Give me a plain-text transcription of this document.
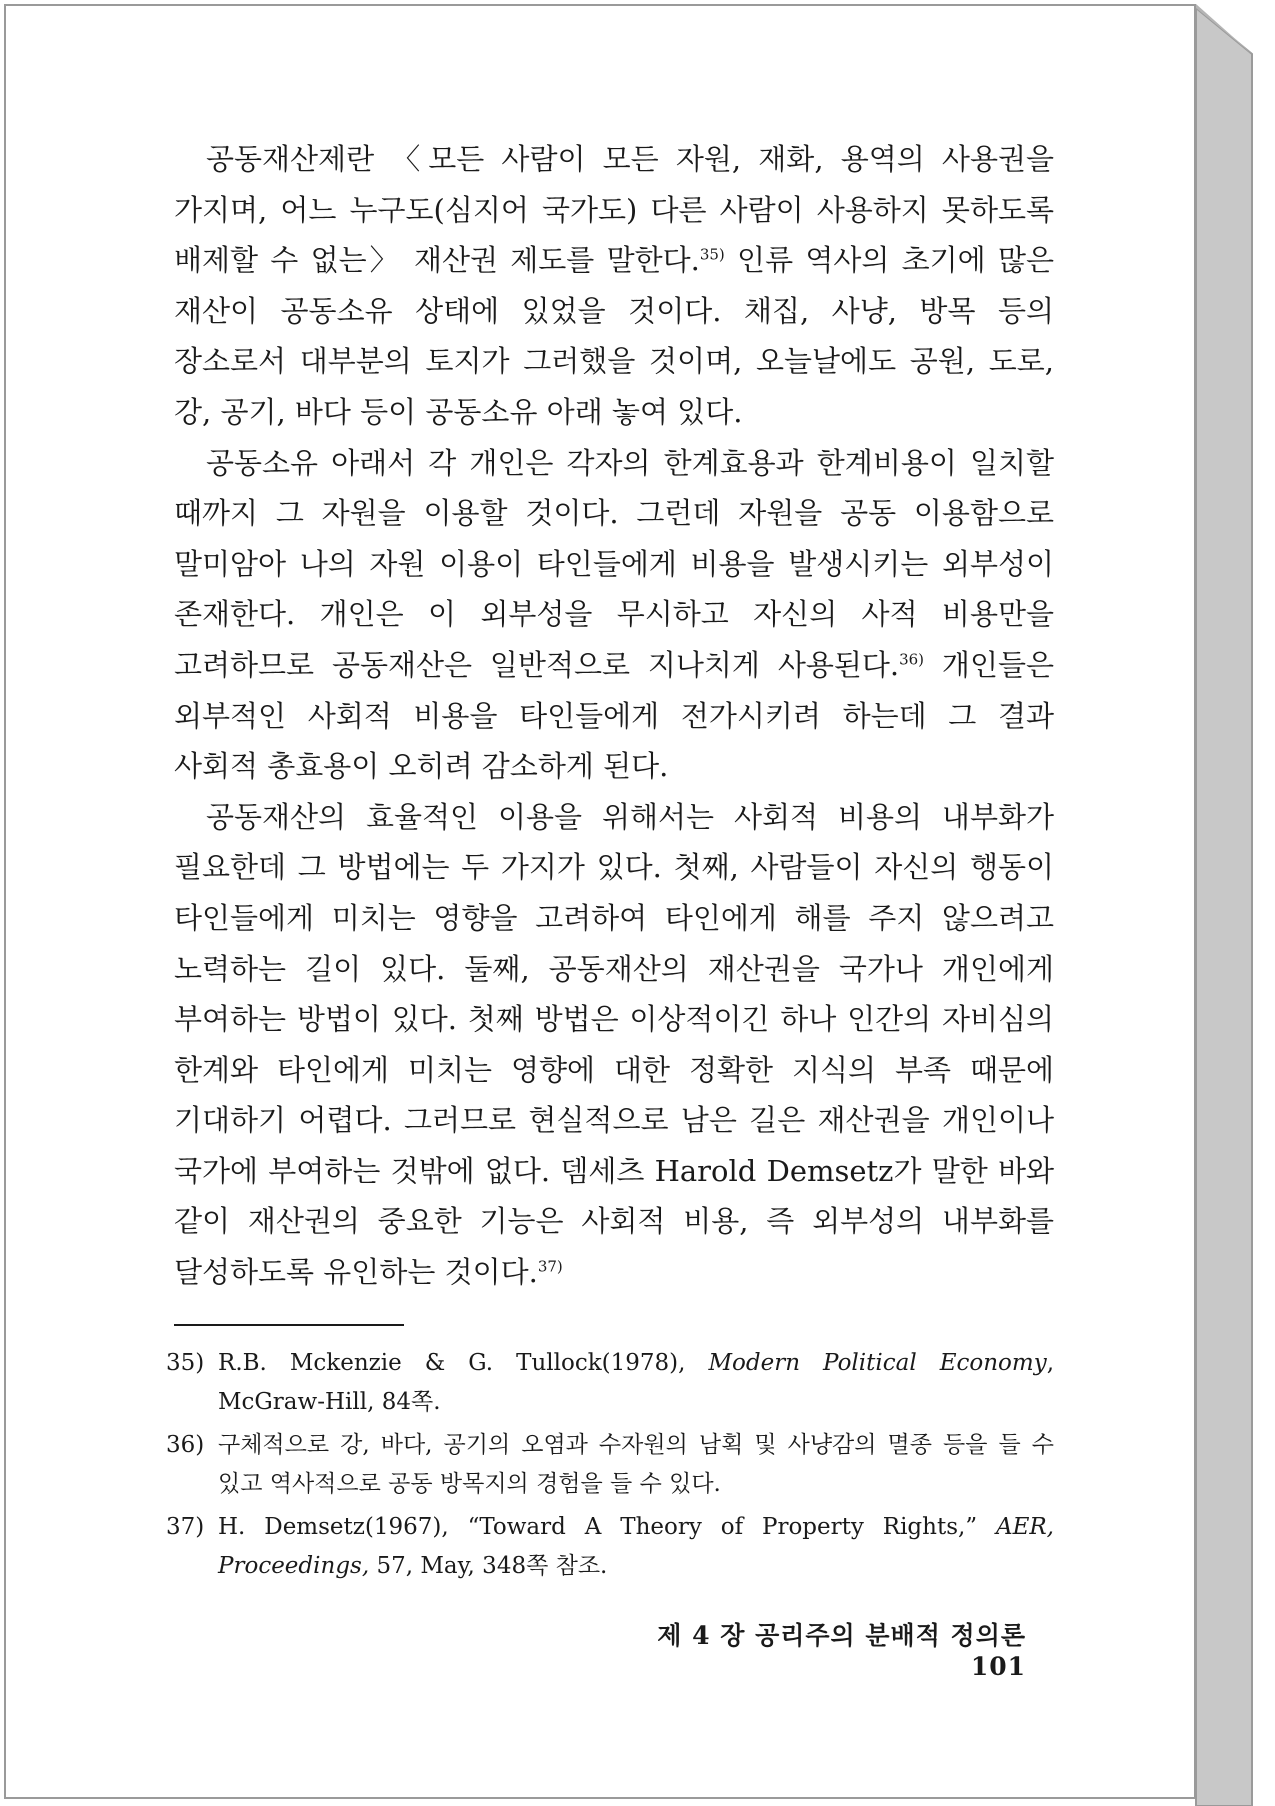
공동재산제란 〈모든 사람이 모든 자원, 재화, 용역의 사용권을 가지며, 어느 누구도(심지어 국가도) 다른 사람이 사용하지 못하도록 배제할 수 없는〉 재산권 제도를 말한다.$^{35)}$ 인류 역사의 초기에 많은 재산이 공동소유 상태에 있었을 것이다. 채집, 사냥, 방목 등의 장소로서 대부분의 토지가 그러했을 것이며, 오늘날에도 공원, 도로, 강, 공기, 바다 등이 공동소유 아래 놓여 있다.

공동소유 아래서 각 개인은 각자의 한계효용과 한계비용이 일치할 때까지 그 자원을 이용할 것이다. 그런데 자원을 공동 이용함으로 말미암아 나의 자원 이용이 타인들에게 비용을 발생시키는 외부성이 존재한다. 개인은 이 외부성을 무시하고 자신의 사적 비용만을 고려하므로 공동재산은 일반적으로 지나치게 사용된다.$^{36)}$ 개인들은 외부적인 사회적 비용을 타인들에게 전가시키려 하는데 그 결과 사회적 총효용이 오히려 감소하게 된다.

공동재산의 효율적인 이용을 위해서는 사회적 비용의 내부화가 필요한데 그 방법에는 두 가지가 있다. 첫째, 사람들이 자신의 행동이 타인들에게 미치는 영향을 고려하여 타인에게 해를 주지 않으려고 노력하는 길이 있다. 둘째, 공동재산의 재산권을 국가나 개인에게 부여하는 방법이 있다. 첫째 방법은 이상적이긴 하나 인간의 자비심의 한계와 타인에게 미치는 영향에 대한 정확한 지식의 부족 때문에 기대하기 어렵다. 그러므로 현실적으로 남은 길은 재산권을 개인이나 국가에 부여하는 것밖에 없다. 뎀세츠 Harold Demsetz가 말한 바와 같이 재산권의 중요한 기능은 사회적 비용, 즉 외부성의 내부화를 달성하도록 유인하는 것이다.$^{37)}$

35) R.B. Mckenzie & G. Tullock(1978), Modern Political Economy, McGraw-Hill, 84쪽.
36) 구체적으로 강, 바다, 공기의 오염과 수자원의 남획 및 사냥감의 멸종 등을 들 수 있고 역사적으로 공동 방목지의 경험을 들 수 있다.
37) H. Demsetz(1967), “Toward A Theory of Property Rights,” AER, Proceedings, 57, May, 348쪽 참조.
제 4 장 공리주의 분배적 정의론101
